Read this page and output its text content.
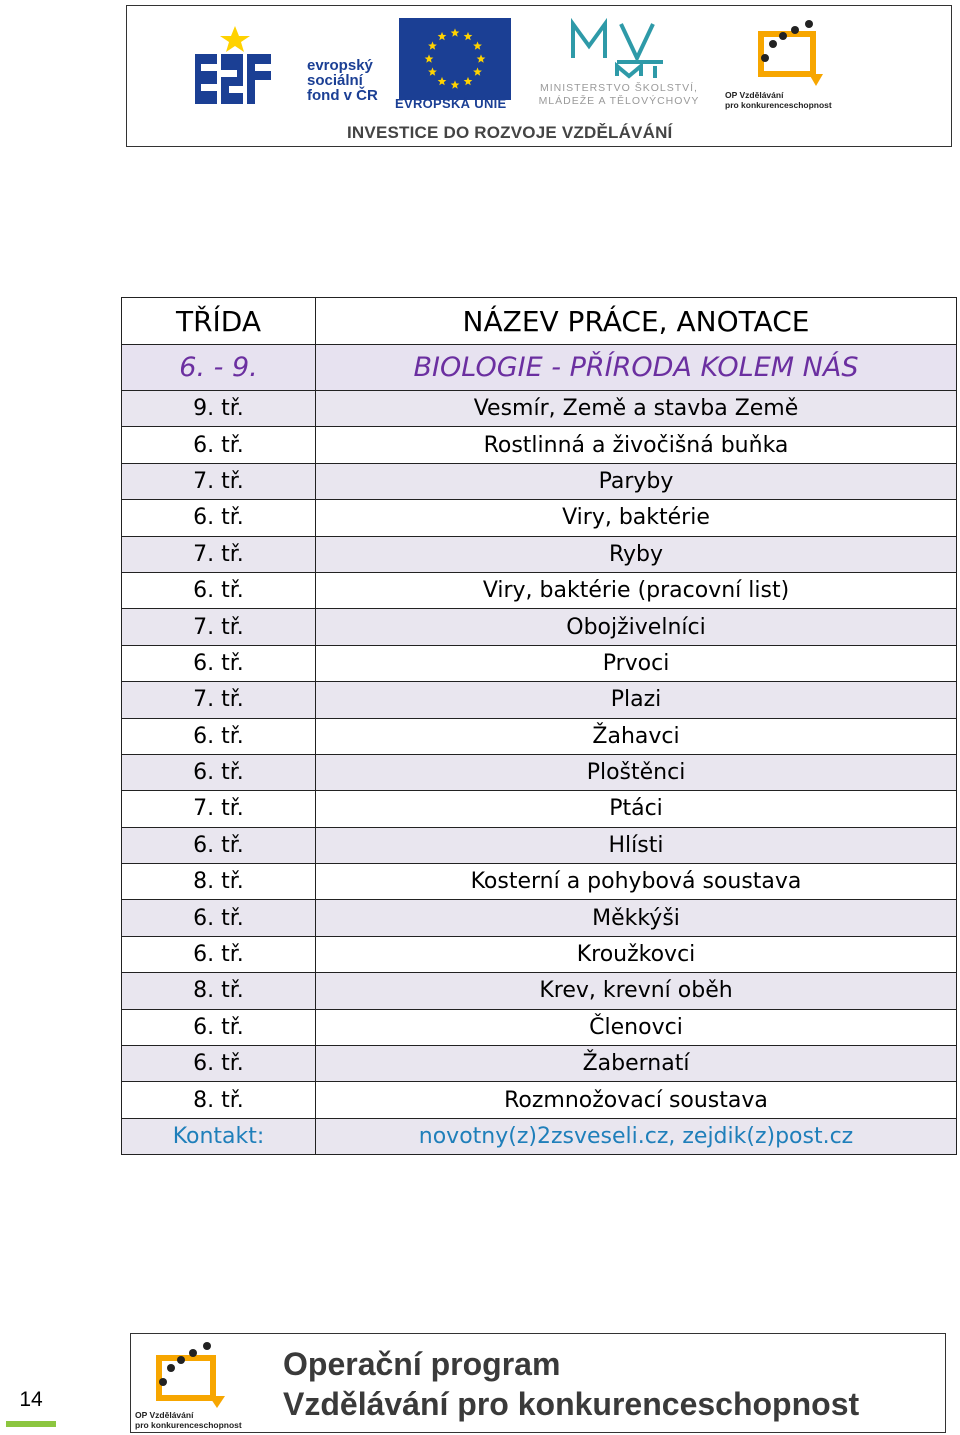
evropský
sociální
fond v ČR EVROPSKÁ UNIE
MINISTERSTVO ŠKOLSTVÍ,
MLÁDEŽE A TĚLOVÝCHOVY	OP Vzdělávání
pro konkurenceschopnost
INVESTICE DO ROZVOJE VZDĚLÁVÁNÍ
TŘÍDA	NÁZEV PRÁCE, ANOTACE
6. - 9.	BIOLOGIE - PŘÍRODA KOLEM NÁS
9. tř.	Vesmír, Země a stavba Země
6. tř.	Rostlinná a živočišná buňka
7. tř.	Paryby
6. tř.	Viry, baktérie
7. tř.	Ryby
6. tř.	Viry, baktérie (pracovní list)
7. tř.	Obojživelníci
6. tř.	Prvoci
7. tř.	Plazi
6. tř.	Žahavci
6. tř.	Ploštěnci
7. tř.	Ptáci
6. tř.	Hlísti
8. tř.	Kosterní a pohybová soustava
6. tř.	Měkkýši
6. tř.	Kroužkovci
8. tř.	Krev, krevní oběh
6. tř.	Členovci
6. tř.	Žabernatí
8. tř.	Rozmnožovací soustava
Kontakt:	novotny(z)2zsveseli.cz, zejdik(z)post.cz
OP Vzdělávání
pro konkurenceschopnost
Operační program
Vzdělávání pro konkurenceschopnost
14
